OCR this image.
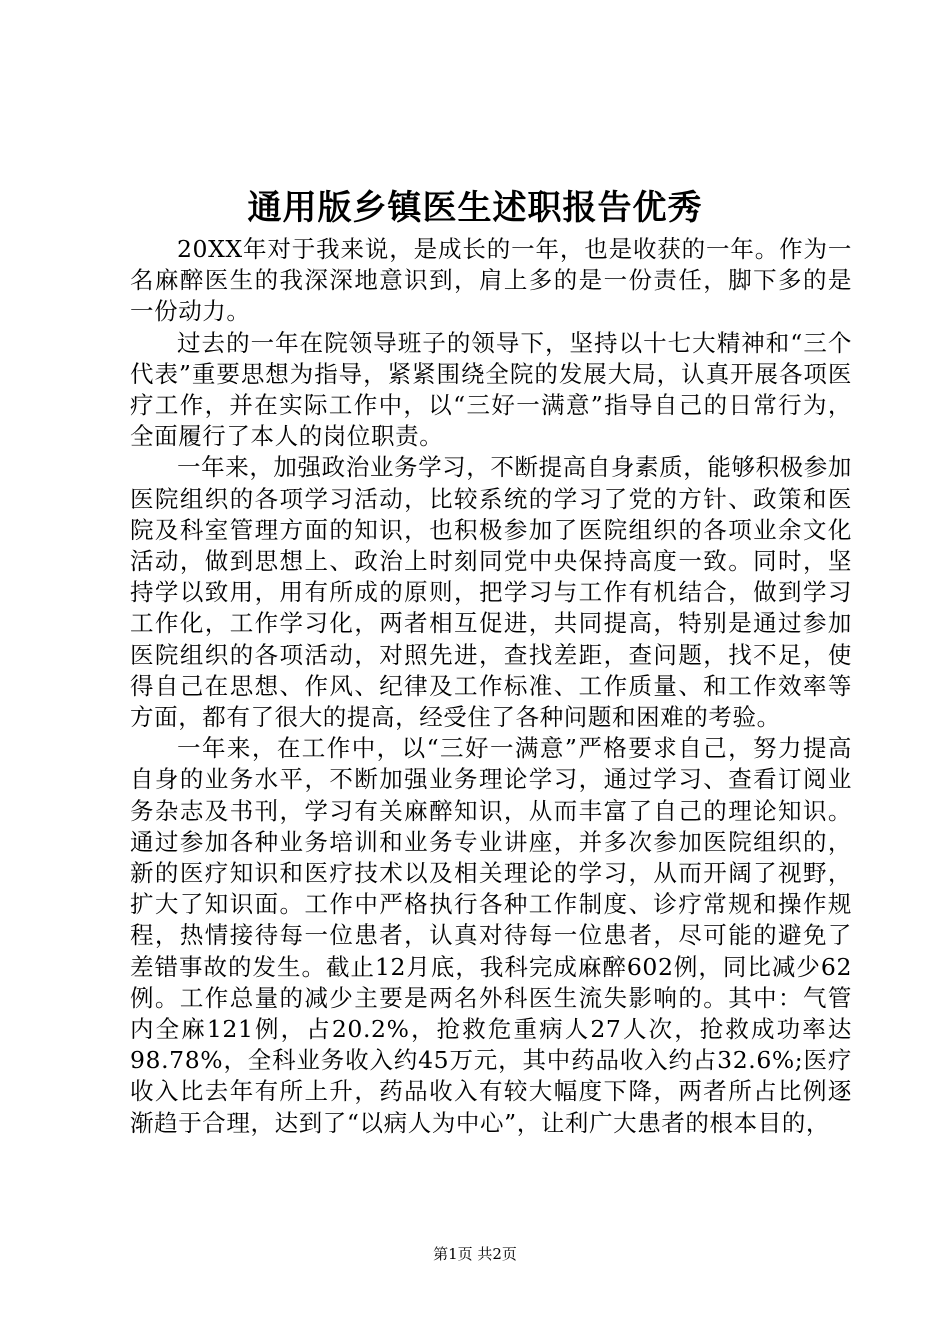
通用版乡镇医生述职报告优秀

20XX年对于我来说，是成长的一年，也是收获的一年。作为一名麻醉医生的我深深地意识到，肩上多的是一份责任，脚下多的是一份动力。

过去的一年在院领导班子的领导下，坚持以十七大精神和“三个代表”重要思想为指导，紧紧围绕全院的发展大局，认真开展各项医疗工作，并在实际工作中，以“三好一满意”指导自己的日常行为，全面履行了本人的岗位职责。

一年来，加强政治业务学习，不断提高自身素质，能够积极参加医院组织的各项学习活动，比较系统的学习了党的方针、政策和医院及科室管理方面的知识，也积极参加了医院组织的各项业余文化活动，做到思想上、政治上时刻同党中央保持高度一致。同时，坚持学以致用，用有所成的原则，把学习与工作有机结合，做到学习工作化，工作学习化，两者相互促进，共同提高，特别是通过参加医院组织的各项活动，对照先进，查找差距，查问题，找不足，使得自己在思想、作风、纪律及工作标准、工作质量、和工作效率等方面，都有了很大的提高，经受住了各种问题和困难的考验。

一年来，在工作中，以“三好一满意”严格要求自己，努力提高自身的业务水平，不断加强业务理论学习，通过学习、查看订阅业务杂志及书刊，学习有关麻醉知识，从而丰富了自己的理论知识。通过参加各种业务培训和业务专业讲座，并多次参加医院组织的，新的医疗知识和医疗技术以及相关理论的学习，从而开阔了视野，扩大了知识面。工作中严格执行各种工作制度、诊疗常规和操作规程，热情接待每一位患者，认真对待每一位患者，尽可能的避免了差错事故的发生。截止12月底，我科完成麻醉602例，同比减少62例。工作总量的减少主要是两名外科医生流失影响的。其中：气管内全麻121例，占20.2%，抢救危重病人27人次，抢救成功率达98.78%，全科业务收入约45万元，其中药品收入约占32.6%;医疗收入比去年有所上升，药品收入有较大幅度下降，两者所占比例逐渐趋于合理，达到了“以病人为中心”，让利广大患者的根本目的，

第1页 共2页
